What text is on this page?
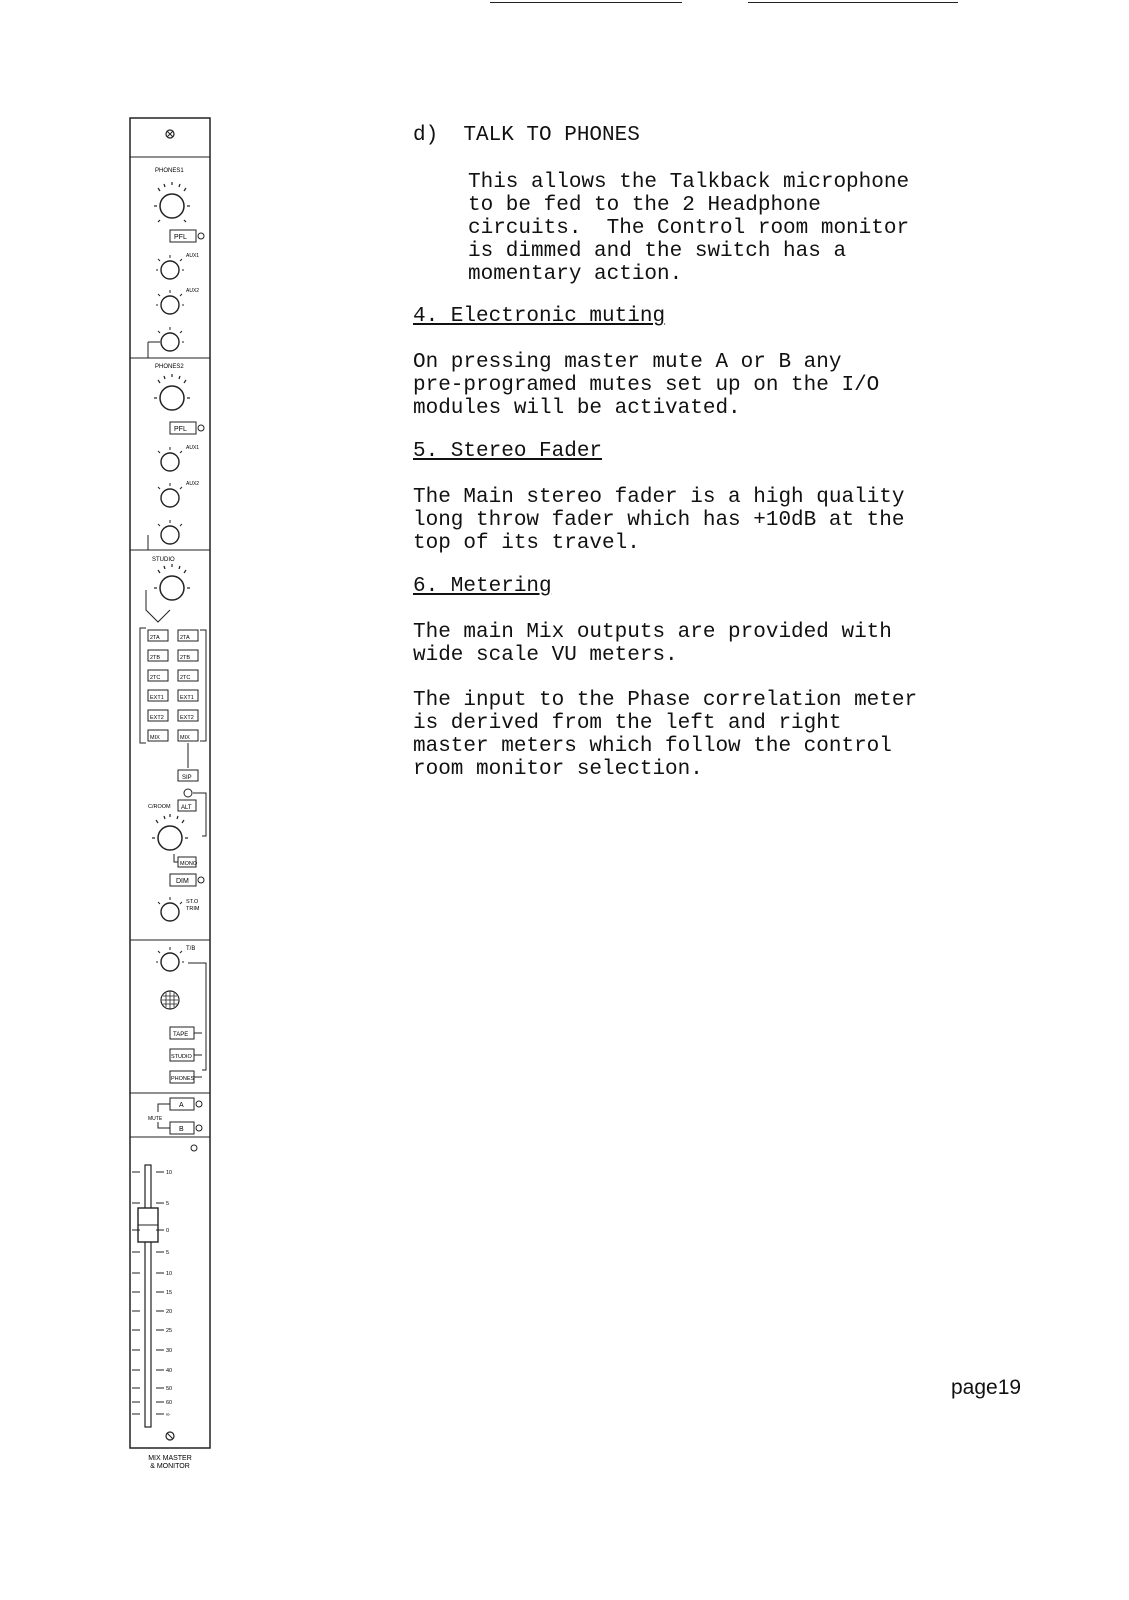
PHONES1
PFL
AUX1
AUX2
PHONES2
PFL
AUX1
AUX2
STUDIO
2TA
2TB
2TC
EXT1
EXT2
MIX
2TA
2TB
2TC
EXT1
EXT2
MIX
SIP
C/ROOM ALT
MONO
DIM
ST.O
TRIM
T/B
TAPE
STUDIO
PHONES
A
MUTE
B
10
5
0
5
10
15
20
25
30
40
50
60
∞
MIX MASTER
& MONITOR
d)  TALK TO PHONES
This allows the Talkback microphone
to be fed to the 2 Headphone
circuits.  The Control room monitor
is dimmed and the switch has a
momentary action.
4. Electronic muting
On pressing master mute A or B any
pre-programed mutes set up on the I/O
modules will be activated.
5. Stereo Fader
The Main stereo fader is a high quality
long throw fader which has +10dB at the
top of its travel.
6. Metering
The main Mix outputs are provided with
wide scale VU meters.
The input to the Phase correlation meter
is derived from the left and right
master meters which follow the control
room monitor selection.
page19
